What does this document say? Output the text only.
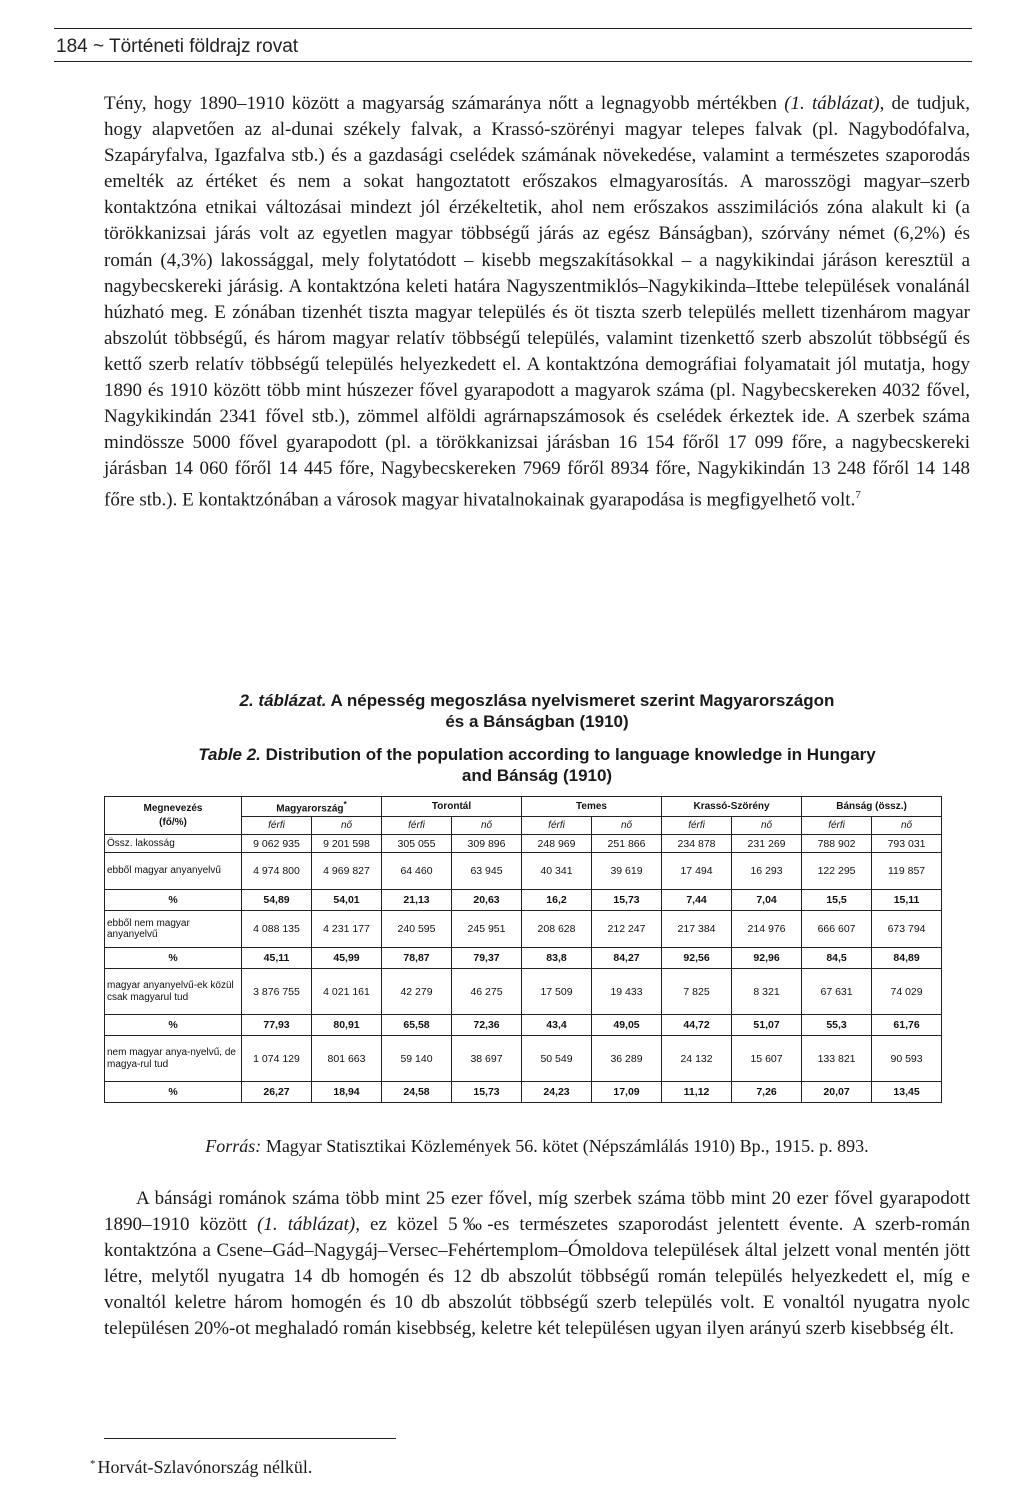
184 ~ Történeti földrajz rovat

Tény, hogy 1890–1910 között a magyarság számaránya nőtt a legnagyobb mértékben (1. táblázat), de tudjuk, hogy alapvetően az al-dunai székely falvak, a Krassó-szörényi magyar telepes falvak (pl. Nagybodófalva, Szapáryfalva, Igazfalva stb.) és a gazdasági cselédek számának növekedése, valamint a természetes szaporodás emelték az értéket és nem a sokat hangoztatott erőszakos elmagyarosítás. A marosszögi magyar–szerb kontaktzóna etnikai változásai mindezt jól érzékeltetik, ahol nem erőszakos asszimilációs zóna alakult ki (a törökkanizsai járás volt az egyetlen magyar többségű járás az egész Bánságban), szórvány német (6,2%) és román (4,3%) lakossággal, mely folytatódott – kisebb megszakításokkal – a nagykikindai járáson keresztül a nagybecskereki járásig. A kontaktzóna keleti határa Nagyszentmiklós–Nagykikinda–Ittebe települések vonalánál húzható meg. E zónában tizenhét tiszta magyar település és öt tiszta szerb település mellett tizenhárom magyar abszolút többségű, és három magyar relatív többségű település, valamint tizenkettő szerb abszolút többségű és kettő szerb relatív többségű település helyezkedett el. A kontaktzóna demográfiai folyamatait jól mutatja, hogy 1890 és 1910 között több mint húszezer fővel gyarapodott a magyarok száma (pl. Nagybecskereken 4032 fővel, Nagykikindán 2341 fővel stb.), zömmel alföldi agrárnapszámosok és cselédek érkeztek ide. A szerbek száma mindössze 5000 fővel gyarapodott (pl. a törökkanizsai járásban 16 154 főről 17 099 főre, a nagybecskereki járásban 14 060 főről 14 445 főre, Nagybecskereken 7969 főről 8934 főre, Nagykikindán 13 248 főről 14 148 főre stb.). E kontaktzónában a városok magyar hivatalnokainak gyarapodása is megfigyelhető volt.$^7$

2. táblázat. A népesség megoszlása nyelvismeret szerint Magyarországon
és a Bánságban (1910)
Table 2. Distribution of the population according to language knowledge in Hungary
and Bánság (1910)
Megnevezés
(fő/%)	Magyarország*		Torontál		Temes		Krassó-Szörény		Bánság (össz.)	
	férfi	nő	férfi	nő	férfi	nő	férfi	nő	férfi	nő
Össz. lakosság	9 062 935	9 201 598	305 055	309 896	248 969	251 866	234 878	231 269	788 902	793 031
ebből magyar anyanyelvű	4 974 800	4 969 827	64 460	63 945	40 341	39 619	17 494	16 293	122 295	119 857
%	54,89	54,01	21,13	20,63	16,2	15,73	7,44	7,04	15,5	15,11
ebből nem magyar anyanyelvű	4 088 135	4 231 177	240 595	245 951	208 628	212 247	217 384	214 976	666 607	673 794
%	45,11	45,99	78,87	79,37	83,8	84,27	92,56	92,96	84,5	84,89
magyar anyanyelvű-ek közül csak magyarul tud	3 876 755	4 021 161	42 279	46 275	17 509	19 433	7 825	8 321	67 631	74 029
%	77,93	80,91	65,58	72,36	43,4	49,05	44,72	51,07	55,3	61,76
nem magyar anya-nyelvű, de magya-rul tud	1 074 129	801 663	59 140	38 697	50 549	36 289	24 132	15 607	133 821	90 593
%	26,27	18,94	24,58	15,73	24,23	17,09	11,12	7,26	20,07	13,45
Forrás: Magyar Statisztikai Közlemények 56. kötet (Népszámlálás 1910) Bp., 1915. p. 893.

A bánsági románok száma több mint 25 ezer fővel, míg szerbek száma több mint 20 ezer fővel gyarapodott 1890–1910 között (1. táblázat), ez közel 5‰-es természetes szaporodást jelentett évente. A szerb-román kontaktzóna a Csene–Gád–Nagygáj–Versec–Fehértemplom–Ómoldova települések által jelzett vonal mentén jött létre, melytől nyugatra 14 db homogén és 12 db abszolút többségű román település helyezkedett el, míg e vonaltól keletre három homogén és 10 db abszolút többségű szerb település volt. E vonaltól nyugatra nyolc településen 20%-ot meghaladó román kisebbség, keletre két településen ugyan ilyen arányú szerb kisebbség élt.

* Horvát-Szlavónország nélkül.
